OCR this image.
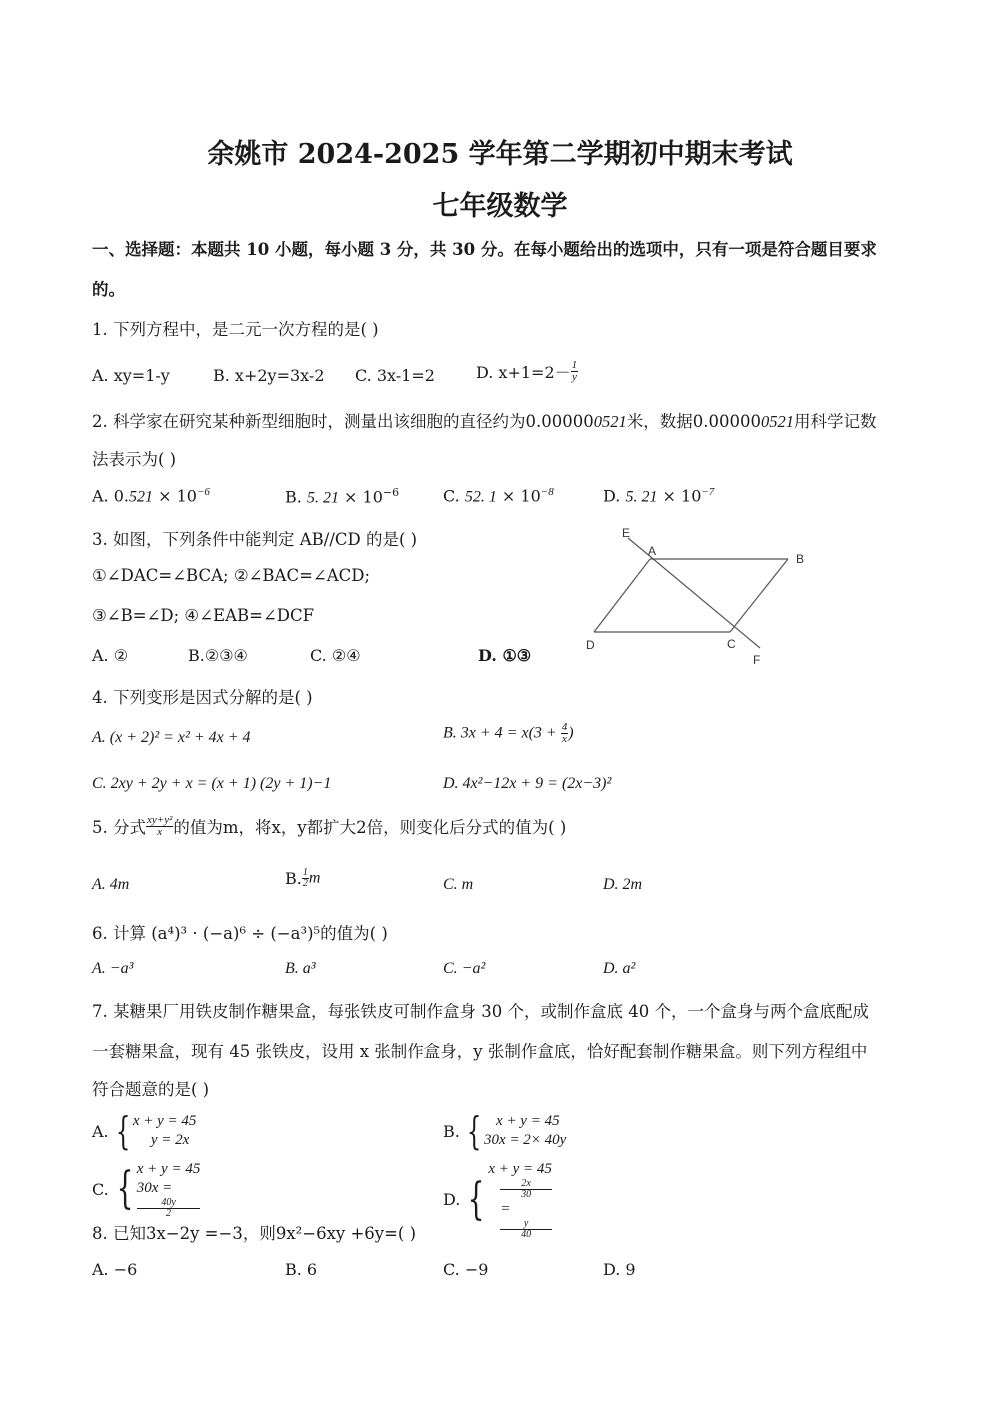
余姚市 2024-2025 学年第二学期初中期末考试
七年级数学
一、选择题：本题共 10 小题，每小题 3 分，共 30 分。在每小题给出的选项中，只有一项是符合题目要求
的。
1. 下列方程中，是二元一次方程的是( )
A. xy=1-y	B. x+2y=3x-2 C. 3x-1=2	D. $x+1=2- \frac{1}{y}$
2. 科学家在研究某种新型细胞时，测量出该细胞的直径约为0.000000521米，数据0.000000521用科学记数
法表示为( )
A. $0.521 \times 10^{-6}$	B. 5. $21 \times 10^{-6}$	C. 52. $1 \times 10^{-8}$	D. 5. $21 \times 10^{-7}$
3. 如图，下列条件中能判定 AB//CD 的是( )
①∠DAC=∠BCA; ②∠BAC=∠ACD;
③∠B=∠D; ④∠EAB=∠DCF
A. ②	B.②③④	C. ②④	D. ①③
E
A
B
D	C
F
4. 下列变形是因式分解的是( )
A. (x + 2)² = x² + 4x + 4	B. $3x + 4 = x(3 + \frac{4}{x}$ )
C. 2xy + 2y + x = (x + 1) (2y + 1)−1	D. 4x²−12x + 9 = (2x−3)²
5. 分式 $\frac{\text{xy+y²}}{x}$ 的值为m，将x，y都扩大2倍，则变化后分式的值为( )
A. 4m	B. $\frac{1}{2}$ m	C. m	D. 2m
6. 计算 (a⁴)³ · (−a)⁶ ÷ (−a³)⁵的值为( )
A. −a³	B. a³	C. −a²	D. a²
7. 某糖果厂用铁皮制作糖果盒，每张铁皮可制作盒身 30 个，或制作盒底 40 个，一个盒身与两个盒底配成
一套糖果盒，现有 45 张铁皮，设用 x 张制作盒身，y 张制作盒底，恰好配套制作糖果盒。则下列方程组中
符合题意的是( )
A. { x + y = 45
y = 2x	B. { x + y = 45
30x = 2× 40y
C. { x + y = 45
30x =
40y
2
D. {
x + y = 45
2x
30
=
y
40
8. 已知3x−2y =−3，则9x²−6xy +6y=( )
A. −6	B. 6	C. −9	D. 9
